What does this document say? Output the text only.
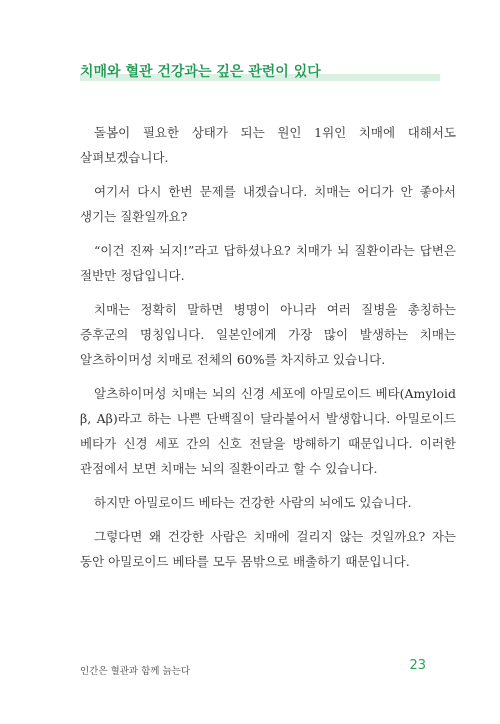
치매와 혈관 건강과는 깊은 관련이 있다

돌봄이 필요한 상태가 되는 원인 1위인 치매에 대해서도 살펴보겠습니다.

여기서 다시 한번 문제를 내겠습니다. 치매는 어디가 안 좋아서 생기는 질환일까요?

“이건 진짜 뇌지!”라고 답하셨나요? 치매가 뇌 질환이라는 답변은 절반만 정답입니다.

치매는 정확히 말하면 병명이 아니라 여러 질병을 총칭하는 증후군의 명칭입니다. 일본인에게 가장 많이 발생하는 치매는 알츠하이머성 치매로 전체의 60%를 차지하고 있습니다.

알츠하이머성 치매는 뇌의 신경 세포에 아밀로이드 베타(Amyloid β, Aβ)라고 하는 나쁜 단백질이 달라붙어서 발생합니다. 아밀로이드 베타가 신경 세포 간의 신호 전달을 방해하기 때문입니다. 이러한 관점에서 보면 치매는 뇌의 질환이라고 할 수 있습니다.

하지만 아밀로이드 베타는 건강한 사람의 뇌에도 있습니다.

그렇다면 왜 건강한 사람은 치매에 걸리지 않는 것일까요? 자는 동안 아밀로이드 베타를 모두 몸밖으로 배출하기 때문입니다.

인간은 혈관과 함께 늙는다	23
